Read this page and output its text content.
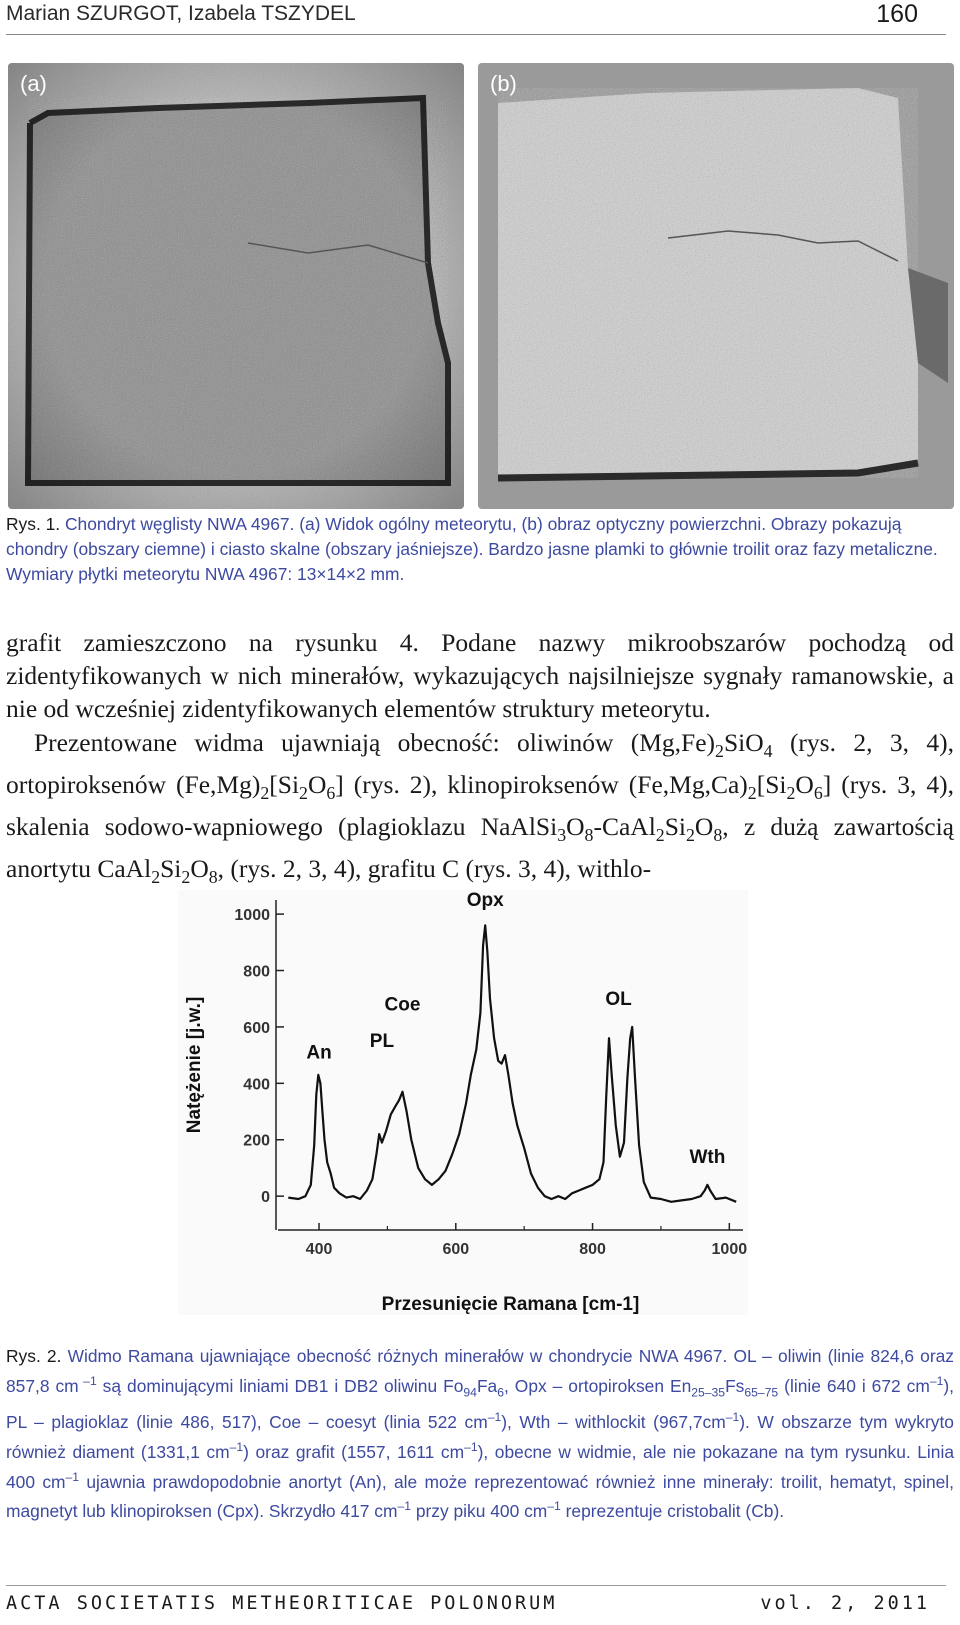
Marian SZURGOT, Izabela TSZYDEL	160
(a)	(b)
Rys. 1. Chondryt węglisty NWA 4967. (a) Widok ogólny meteorytu, (b) obraz optyczny powierzchni. Obrazy pokazują chondry (obszary ciemne) i ciasto skalne (obszary jaśniejsze). Bardzo jasne plamki to głównie troilit oraz fazy metaliczne. Wymiary płytki meteorytu NWA 4967: 13×14×2 mm.
grafit zamieszczono na rysunku 4. Podane nazwy mikroobszarów pochodzą od zidentyfikowanych w nich minerałów, wykazujących najsilniejsze sygnały ramanowskie, a nie od wcześniej zidentyfikowanych elementów struktury meteorytu.
Prezentowane widma ujawniają obecność: oliwinów $(Mg,Fe)_2SiO_4$ (rys. 2, 3, 4), ortopiroksenów $(Fe,Mg)_2[Si_2O_6]$ (rys. 2), klinopiroksenów $(Fe,Mg,Ca)_2[Si_2O_6]$ (rys. 3, 4), skalenia sodowo-wapniowego (plagioklazu $NaAlSi_3O_8-CaAl_2Si_2O_8$, z dużą zawartością anortytu $CaAl_2Si_2O_8$, (rys. 2, 3, 4), grafitu C (rys. 3, 4), withlo-
0
200
400
600
800
1000
400	600	800	1000
Opx
Coe
PL
An
OL
Wth
Natężenie [j.w.]
Przesunięcie Ramana [cm-1]
Rys. 2. Widmo Ramana ujawniające obecność różnych minerałów w chondrycie NWA 4967. OL – oliwin (linie 824,6 oraz 857,8 cm $^{-1}$ są dominującymi liniami DB1 i DB2 oliwinu $Fo_{94}Fa_6$, Opx – ortopiroksen $En_{25-35}Fs_{65-75}$ (linie 640 i 672 $cm^{-1}$), PL – plagioklaz (linie 486, 517), Coe – coesyt (linia 522 $cm^{-1}$), Wth – withlockit $(967,7cm^{-1})$. W obszarze tym wykryto również diament (1331,1 $cm^{-1}$) oraz grafit (1557, 1611 $cm^{-1}$), obecne w widmie, ale nie pokazane na tym rysunku. Linia 400 $cm^{-1}$ ujawnia prawdopodobnie anortyt (An), ale może reprezentować również inne minerały: troilit, hematyt, spinel, magnetyt lub klinopiroksen (Cpx). Skrzydło 417 $cm^{-1}$ przy piku 400 $cm^{-1}$ reprezentuje cristobalit (Cb).
ACTA SOCIETATIS METHEORITICAE POLONORUM	vol. 2, 2011
